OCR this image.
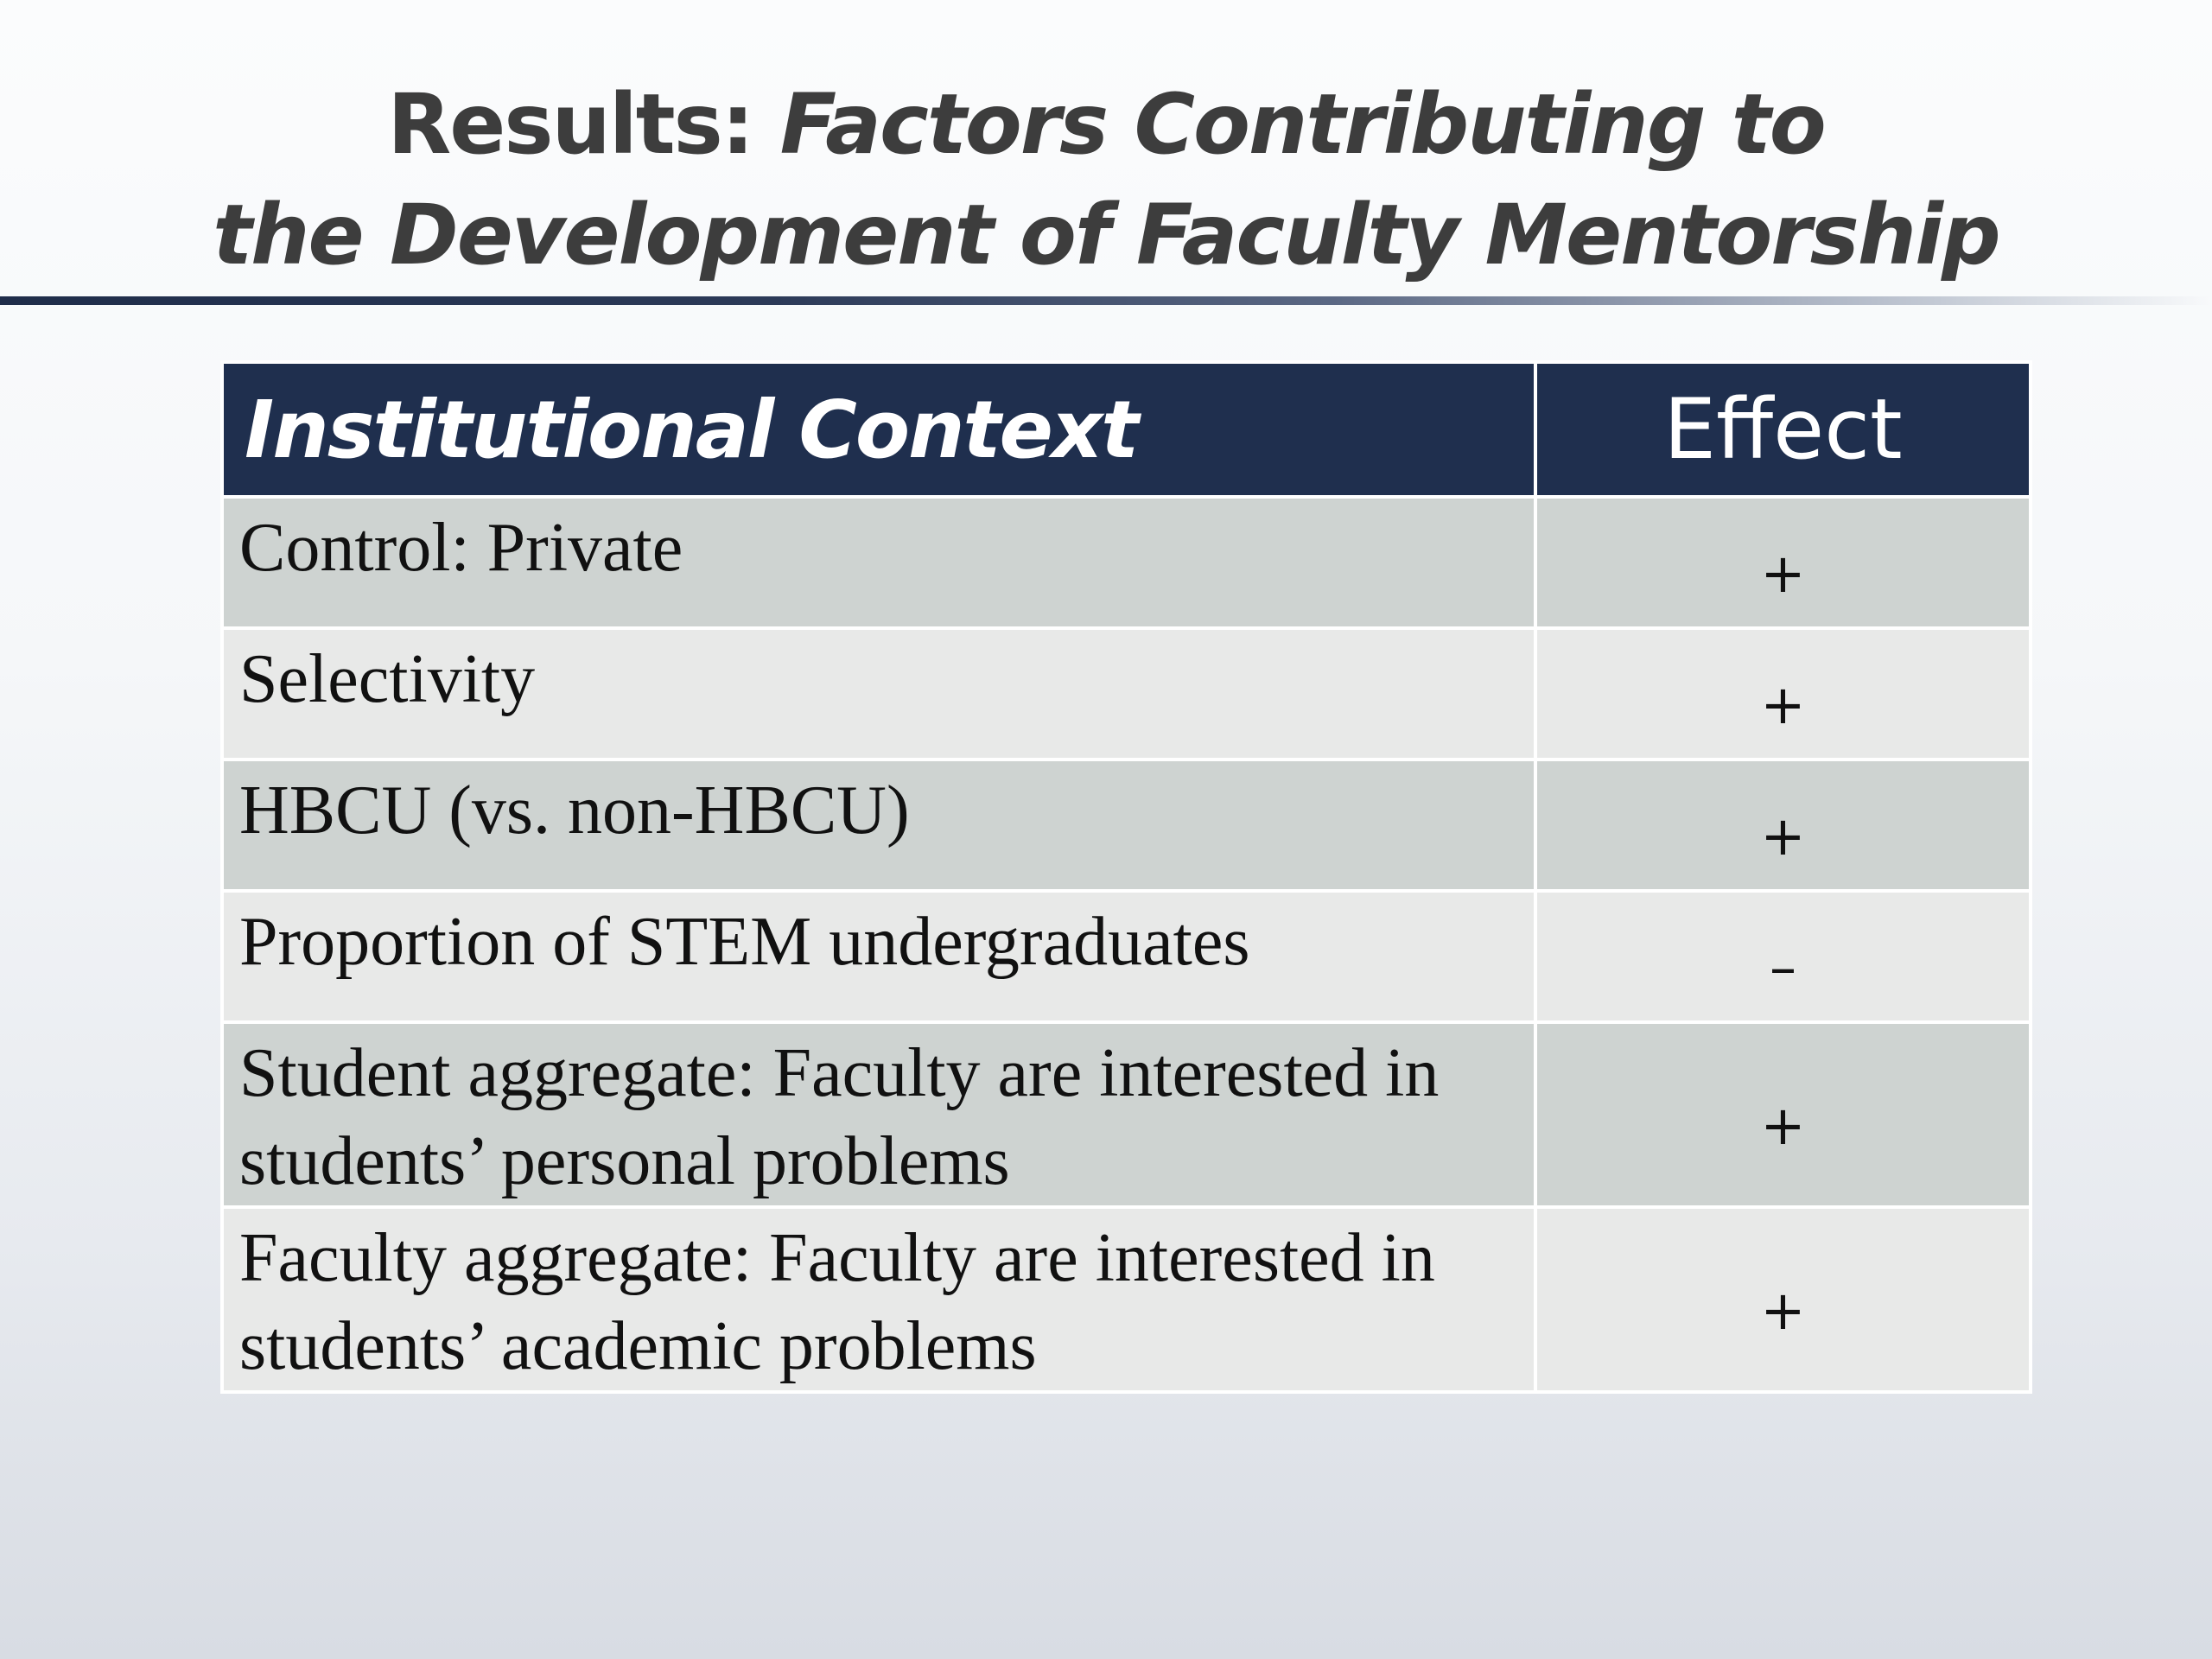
Results: Factors Contributing to
the Development of Faculty Mentorship
Institutional Context	Effect
Control: Private	+
Selectivity	+
HBCU (vs. non-HBCU)	+
Proportion of STEM undergraduates	–
Student aggregate: Faculty are interested in
students’ personal problems	+
Faculty aggregate: Faculty are interested in
students’ academic problems	+
